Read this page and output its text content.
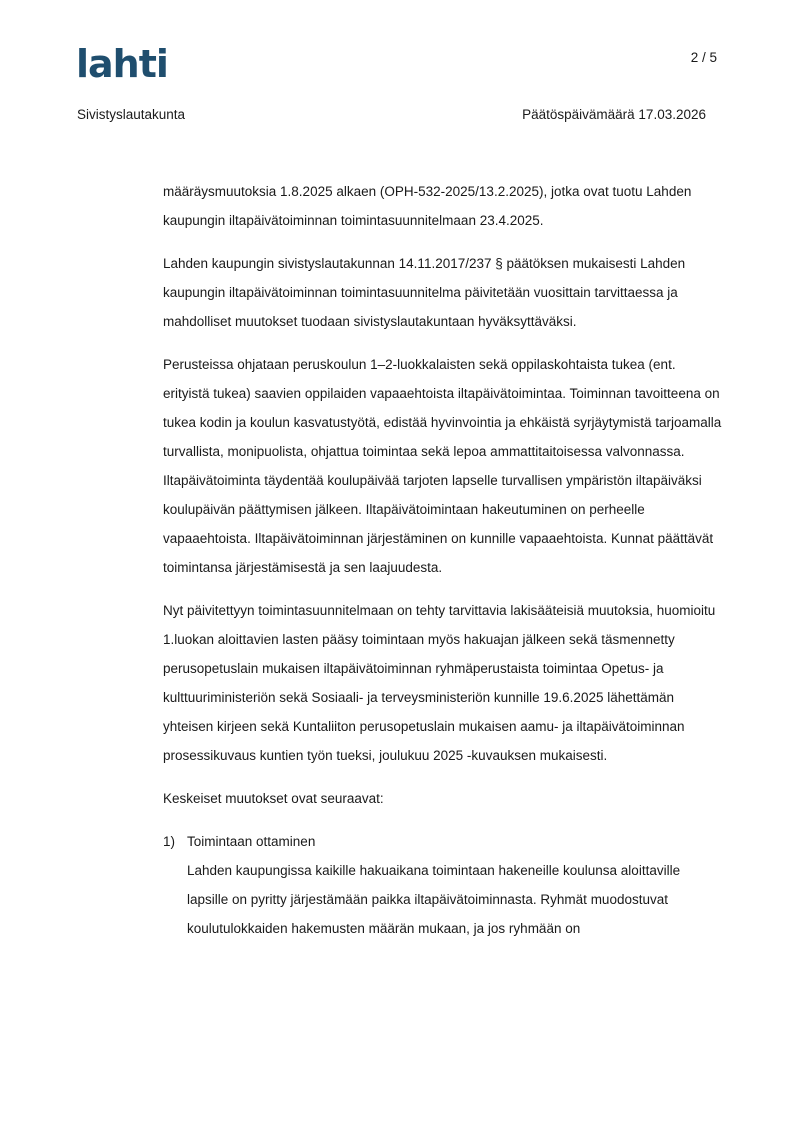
lahti	2 / 5
Sivistyslautakunta	Päätöspäivämäärä 17.03.2026

määräysmuutoksia 1.8.2025 alkaen (OPH-532-2025/13.2.2025), jotka ovat tuotu Lahden kaupungin iltapäivätoiminnan toimintasuunnitelmaan 23.4.2025.

Lahden kaupungin sivistyslautakunnan 14.11.2017/237 § päätöksen mukaisesti Lahden kaupungin iltapäivätoiminnan toimintasuunnitelma päivitetään vuosittain tarvittaessa ja mahdolliset muutokset tuodaan sivistyslautakuntaan hyväksyttäväksi.

Perusteissa ohjataan peruskoulun 1–2-luokkalaisten sekä oppilaskohtaista tukea (ent. erityistä tukea) saavien oppilaiden vapaaehtoista iltapäivätoimintaa. Toiminnan tavoitteena on tukea kodin ja koulun kasvatustyötä, edistää hyvinvointia ja ehkäistä syrjäytymistä tarjoamalla turvallista, monipuolista, ohjattua toimintaa sekä lepoa ammattitaitoisessa valvonnassa. Iltapäivätoiminta täydentää koulupäivää tarjoten lapselle turvallisen ympäristön iltapäiväksi koulupäivän päättymisen jälkeen. Iltapäivätoimintaan hakeutuminen on perheelle vapaaehtoista. Iltapäivätoiminnan järjestäminen on kunnille vapaaehtoista. Kunnat päättävät toimintansa järjestämisestä ja sen laajuudesta.

Nyt päivitettyyn toimintasuunnitelmaan on tehty tarvittavia lakisääteisiä muutoksia, huomioitu 1.luokan aloittavien lasten pääsy toimintaan myös hakuajan jälkeen sekä täsmennetty perusopetuslain mukaisen iltapäivätoiminnan ryhmäperustaista toimintaa Opetus- ja kulttuuriministeriön sekä Sosiaali- ja terveysministeriön kunnille 19.6.2025 lähettämän yhteisen kirjeen sekä Kuntaliiton perusopetuslain mukaisen aamu- ja iltapäivätoiminnan prosessikuvaus kuntien työn tueksi, joulukuu 2025 -kuvauksen mukaisesti.

Keskeiset muutokset ovat seuraavat:

1) Toimintaan ottaminen
Lahden kaupungissa kaikille hakuaikana toimintaan hakeneille koulunsa aloittaville lapsille on pyritty järjestämään paikka iltapäivätoiminnasta. Ryhmät muodostuvat koulutulokkaiden hakemusten määrän mukaan, ja jos ryhmään on
